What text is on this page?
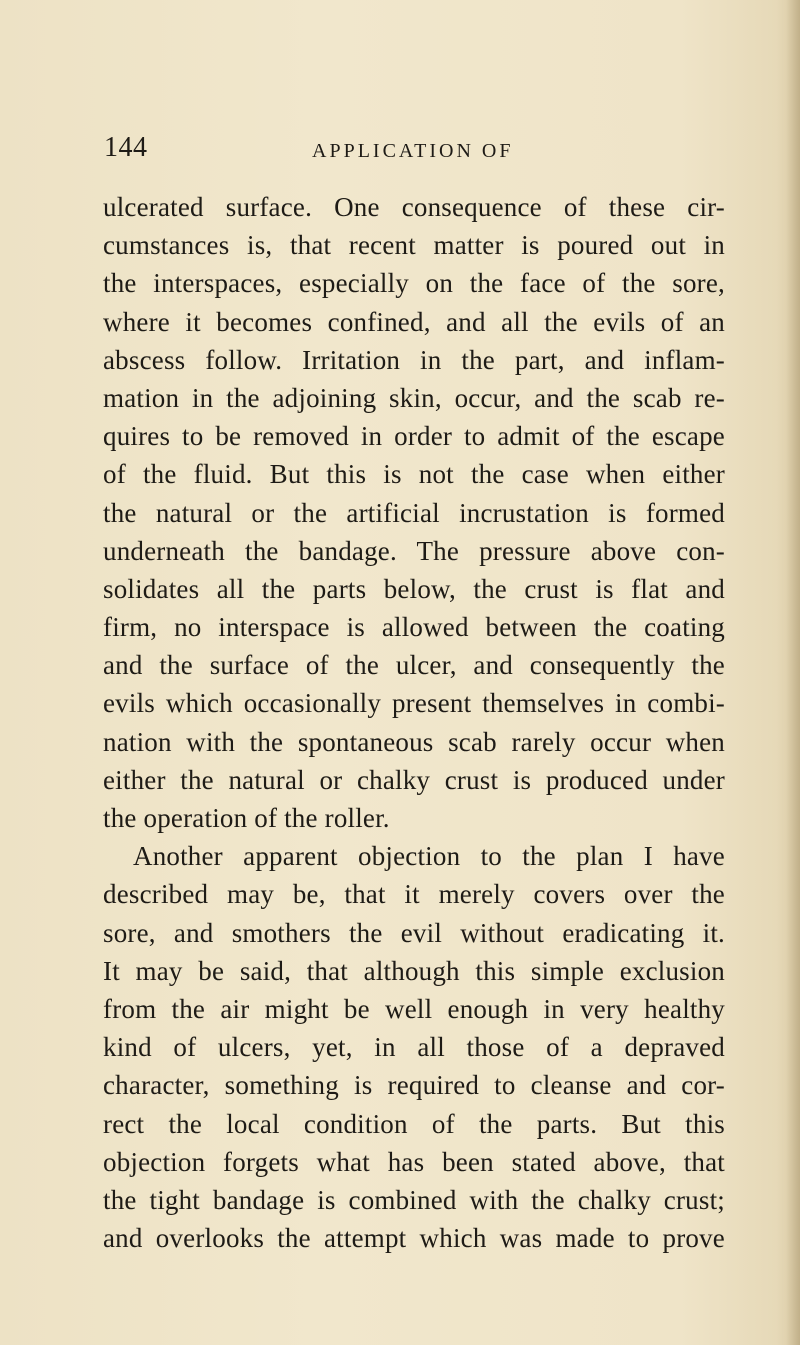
144	APPLICATION OF
ulcerated surface. One consequence of these cir-
cumstances is, that recent matter is poured out in
the interspaces, especially on the face of the sore,
where it becomes confined, and all the evils of an
abscess follow. Irritation in the part, and inflam-
mation in the adjoining skin, occur, and the scab re-
quires to be removed in order to admit of the escape
of the fluid. But this is not the case when either
the natural or the artificial incrustation is formed
underneath the bandage. The pressure above con-
solidates all the parts below, the crust is flat and
firm, no interspace is allowed between the coating
and the surface of the ulcer, and consequently the
evils which occasionally present themselves in combi-
nation with the spontaneous scab rarely occur when
either the natural or chalky crust is produced under
the operation of the roller.
Another apparent objection to the plan I have
described may be, that it merely covers over the
sore, and smothers the evil without eradicating it.
It may be said, that although this simple exclusion
from the air might be well enough in very healthy
kind of ulcers, yet, in all those of a depraved
character, something is required to cleanse and cor-
rect the local condition of the parts. But this
objection forgets what has been stated above, that
the tight bandage is combined with the chalky crust;
and overlooks the attempt which was made to prove
